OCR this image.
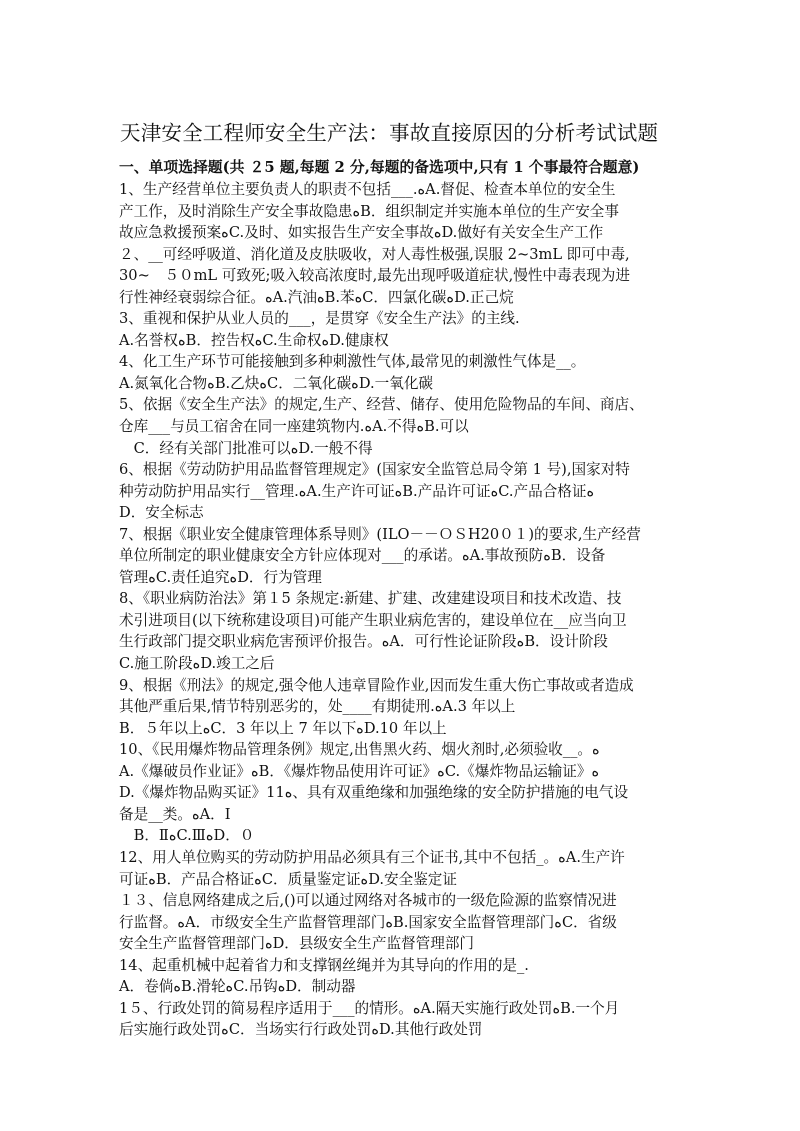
天津安全工程师安全生产法：事故直接原因的分析考试试题
一、单项选择题(共 ２5 题,每题 2 分,每题的备选项中,只有 1 个事最符合题意)
1、生产经营单位主要负责人的职责不包括___.ﻩA.督促、检查本单位的安全生
产工作，及时消除生产安全事故隐患ﻩB．组织制定并实施本单位的生产安全事
故应急救援预案ﻩC.及时、如实报告生产安全事故ﻩD.做好有关安全生产工作
２、__可经呼吸道、消化道及皮肤吸收，对人毒性极强,误服 2~3mL 即可中毒,
30~　５０mL 可致死;吸入较高浓度时,最先出现呼吸道症状,慢性中毒表现为进
行性神经衰弱综合征。ﻩA.汽油ﻩB.苯ﻩC．四氯化碳ﻩD.正己烷
3、重视和保护从业人员的___，是贯穿《安全生产法》的主线.
A.名誉权ﻩB．控告权ﻩC.生命权ﻩD.健康权
4、化工生产环节可能接触到多种刺激性气体,最常见的刺激性气体是__。
A.氮氧化合物ﻩB.乙炔ﻩC．二氧化碳ﻩD.一氧化碳
5、依据《安全生产法》的规定,生产、经营、储存、使用危险物品的车间、商店、
仓库___与员工宿舍在同一座建筑物内.ﻩA.不得ﻩB.可以
　C．经有关部门批准可以ﻩD.一般不得
6、根据《劳动防护用品监督管理规定》(国家安全监管总局令第 1 号),国家对特
种劳动防护用品实行__管理.ﻩA.生产许可证ﻩB.产品许可证ﻩC.产品合格证ﻩ
D．安全标志
7、根据《职业安全健康管理体系导则》(ILO－－ＯＳH20０１)的要求,生产经营
单位所制定的职业健康安全方针应体现对___的承诺。ﻩA.事故预防ﻩB．设备
管理ﻩC.责任追究ﻩD．行为管理
8、《职业病防治法》第１5 条规定:新建、扩建、改建建设项目和技术改造、技
术引进项目(以下统称建设项目)可能产生职业病危害的，建设单位在__应当向卫
生行政部门提交职业病危害预评价报告。ﻩA．可行性论证阶段ﻩB．设计阶段
C.施工阶段ﻩD.竣工之后
9、根据《刑法》的规定,强令他人违章冒险作业,因而发生重大伤亡事故或者造成
其他严重后果,情节特别恶劣的，处____有期徒刑.ﻩA.3 年以上
B．５年以上ﻩC．3 年以上 7 年以下ﻩD.10 年以上
10、《民用爆炸物品管理条例》规定,出售黑火药、烟火剂时,必须验收__。ﻩ
A.《爆破员作业证》ﻩB．《爆炸物品使用许可证》ﻩC.《爆炸物品运输证》ﻩ
D.《爆炸物品购买证》11ﻩ、具有双重绝缘和加强绝缘的安全防护措施的电气设
备是__类。ﻩA．Ⅰ
　B．ⅡﻩC.ⅢﻩD．０
12、用人单位购买的劳动防护用品必须具有三个证书,其中不包括_。ﻩA.生产许
可证ﻩB．产品合格证ﻩC．质量鉴定证ﻩD.安全鉴定证
１３、信息网络建成之后,()可以通过网络对各城市的一级危险源的监察情况进
行监督。ﻩA．市级安全生产监督管理部门ﻩB.国家安全监督管理部门ﻩC．省级
安全生产监督管理部门ﻩD．县级安全生产监督管理部门
14、起重机械中起着省力和支撑钢丝绳并为其导向的作用的是_.
A．卷倘ﻩB.滑轮ﻩC.吊钩ﻩD．制动器
1５、行政处罚的简易程序适用于___的情形。ﻩA.隔天实施行政处罚ﻩB.一个月
后实施行政处罚ﻩC．当场实行行政处罚ﻩD.其他行政处罚
